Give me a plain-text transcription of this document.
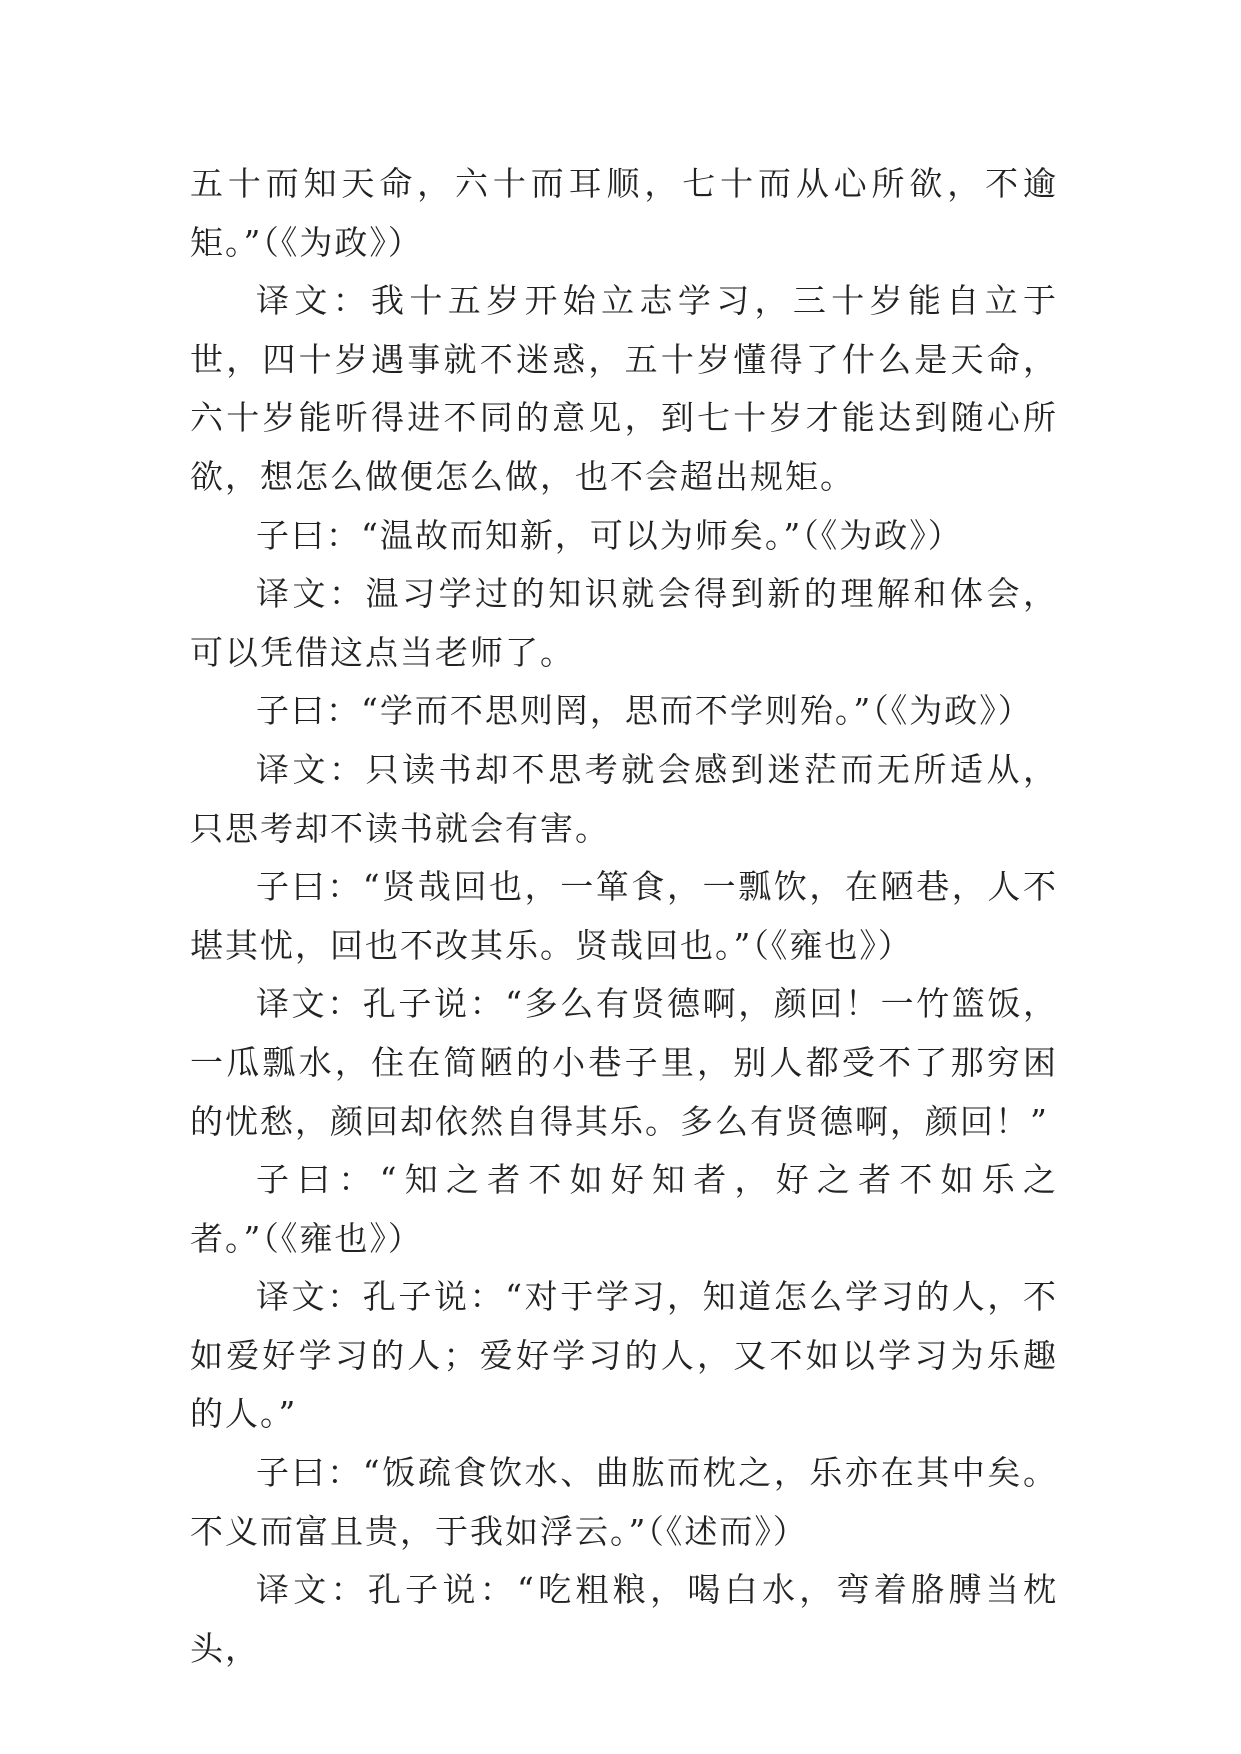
五十而知天命，六十而耳顺，七十而从心所欲，不逾矩。”（《为政》）

译文：我十五岁开始立志学习，三十岁能自立于世，四十岁遇事就不迷惑，五十岁懂得了什么是天命，六十岁能听得进不同的意见，到七十岁才能达到随心所欲，想怎么做便怎么做，也不会超出规矩。

子曰：“温故而知新，可以为师矣。”（《为政》）

译文：温习学过的知识就会得到新的理解和体会，可以凭借这点当老师了。

子曰：“学而不思则罔，思而不学则殆。”（《为政》）

译文：只读书却不思考就会感到迷茫而无所适从，只思考却不读书就会有害。

子曰：“贤哉回也，一箪食，一瓢饮，在陋巷，人不堪其忧，回也不改其乐。贤哉回也。”（《雍也》）

译文：孔子说：“多么有贤德啊，颜回！一竹篮饭，一瓜瓢水，住在简陋的小巷子里，别人都受不了那穷困的忧愁，颜回却依然自得其乐。多么有贤德啊，颜回！”

子曰：“知之者不如好知者，好之者不如乐之者。”（《雍也》）

译文：孔子说：“对于学习，知道怎么学习的人，不如爱好学习的人；爱好学习的人，又不如以学习为乐趣的人。”

子曰：“饭疏食饮水、曲肱而枕之，乐亦在其中矣。不义而富且贵，于我如浮云。”（《述而》）

译文：孔子说：“吃粗粮，喝白水，弯着胳膊当枕头，
